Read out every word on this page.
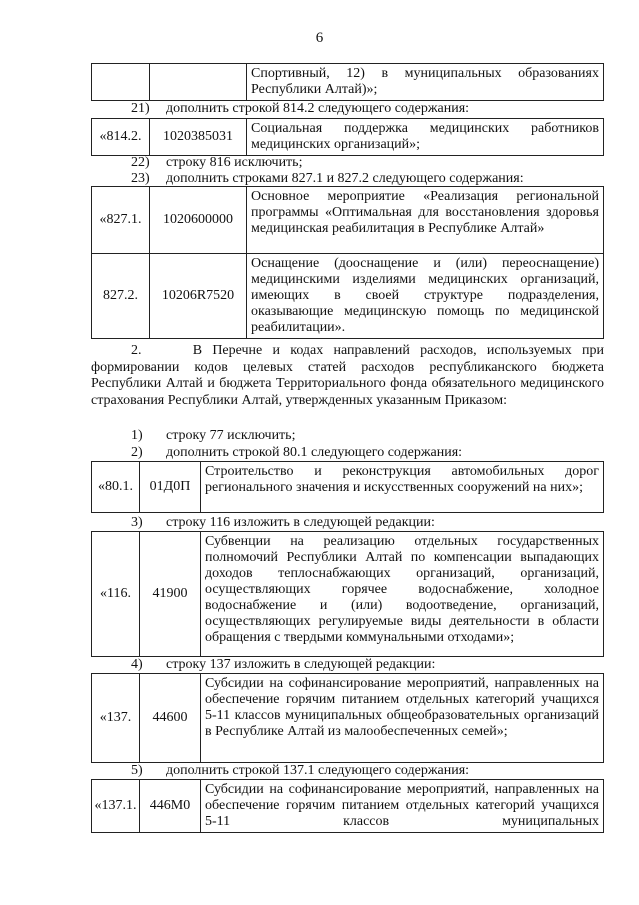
6
		Спортивный, 12) в муниципальных образованиях Республики Алтай)»;
21) дополнить строкой 814.2 следующего содержания:
«814.2.	1020385031	Социальная поддержка медицинских работников медицинских организаций»;
22) строку 816 исключить;
23) дополнить строками 827.1 и 827.2 следующего содержания:
«827.1.	1020600000	Основное мероприятие «Реализация региональной программы «Оптимальная для восстановления здоровья медицинская реабилитация в Республике Алтай»
827.2.	10206R7520	Оснащение (дооснащение и (или) переоснащение) медицинскими изделиями медицинских организаций, имеющих в своей структуре подразделения, оказывающие медицинскую помощь по медицинской реабилитации».
2.	В Перечне и кодах направлений расходов, используемых при формировании кодов целевых статей расходов республиканского бюджета Республики Алтай и бюджета Территориального фонда обязательного медицинского страхования Республики Алтай, утвержденных указанным Приказом:
1) строку 77 исключить;
2) дополнить строкой 80.1 следующего содержания:
«80.1.	01Д0П	Строительство и реконструкция автомобильных дорог регионального значения и искусственных сооружений на них»;
3) строку 116 изложить в следующей редакции:
«116.	41900	Субвенции на реализацию отдельных государственных полномочий Республики Алтай по компенсации выпадающих доходов теплоснабжающих организаций, организаций, осуществляющих горячее водоснабжение, холодное водоснабжение и (или) водоотведение, организаций, осуществляющих регулируемые виды деятельности в области обращения с твердыми коммунальными отходами»;
4) строку 137 изложить в следующей редакции:
«137.	44600	Субсидии на софинансирование мероприятий, направленных на обеспечение горячим питанием отдельных категорий учащихся 5-11 классов муниципальных общеобразовательных организаций в Республике Алтай из малообеспеченных семей»;
5) дополнить строкой 137.1 следующего содержания:
«137.1.	446М0	Субсидии на софинансирование мероприятий, направленных на обеспечение горячим питанием отдельных категорий учащихся 5-11 классов муниципальных
